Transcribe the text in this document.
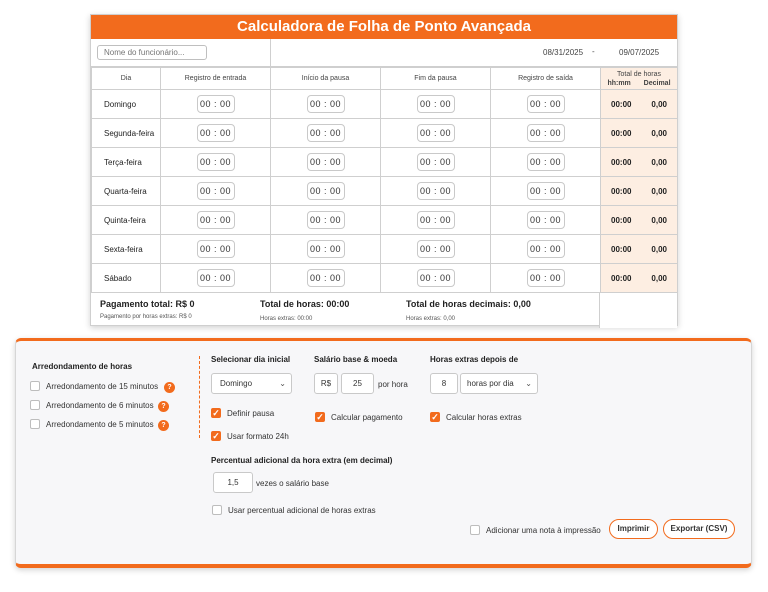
Calculadora de Folha de Ponto Avançada
Nome do funcionário...
08/31/2025 -	09/07/2025
Dia	Registro de entrada	Início da pausa	Fim da pausa	Registro de saída	Total de horas
hh:mm Decimal

Domingo	00 : 00	00 : 00	00 : 00	00 : 00	00:00 0,00

Segunda-feira	00 : 00	00 : 00	00 : 00	00 : 00	00:00 0,00

Terça-feira	00 : 00	00 : 00	00 : 00	00 : 00	00:00 0,00

Quarta-feira	00 : 00	00 : 00	00 : 00	00 : 00	00:00 0,00

Quinta-feira	00 : 00	00 : 00	00 : 00	00 : 00	00:00 0,00

Sexta-feira	00 : 00	00 : 00	00 : 00	00 : 00	00:00 0,00

Sábado	00 : 00	00 : 00	00 : 00	00 : 00	00:00 0,00
Pagamento total: R$ 0
Pagamento por horas extras: R$ 0
Total de horas: 00:00
Horas extras: 00:00
Total de horas decimais: 0,00
Horas extras: 0,00
Arredondamento de horas
Arredondamento de 15 minutos	?
Arredondamento de 6 minutos	?
Arredondamento de 5 minutos	?
Selecionar dia inicial
Domingo	⌄
✓ Definir pausa
✓ Usar formato 24h
Salário base & moeda
R$	25	por hora
✓ Calcular pagamento
Horas extras depois de
8	horas por dia ⌄
✓ Calcular horas extras
Percentual adicional da hora extra (em decimal)
1,5	vezes o salário base
Usar percentual adicional de horas extras
Adicionar uma nota à impressão	Imprimir	Exportar (CSV)
